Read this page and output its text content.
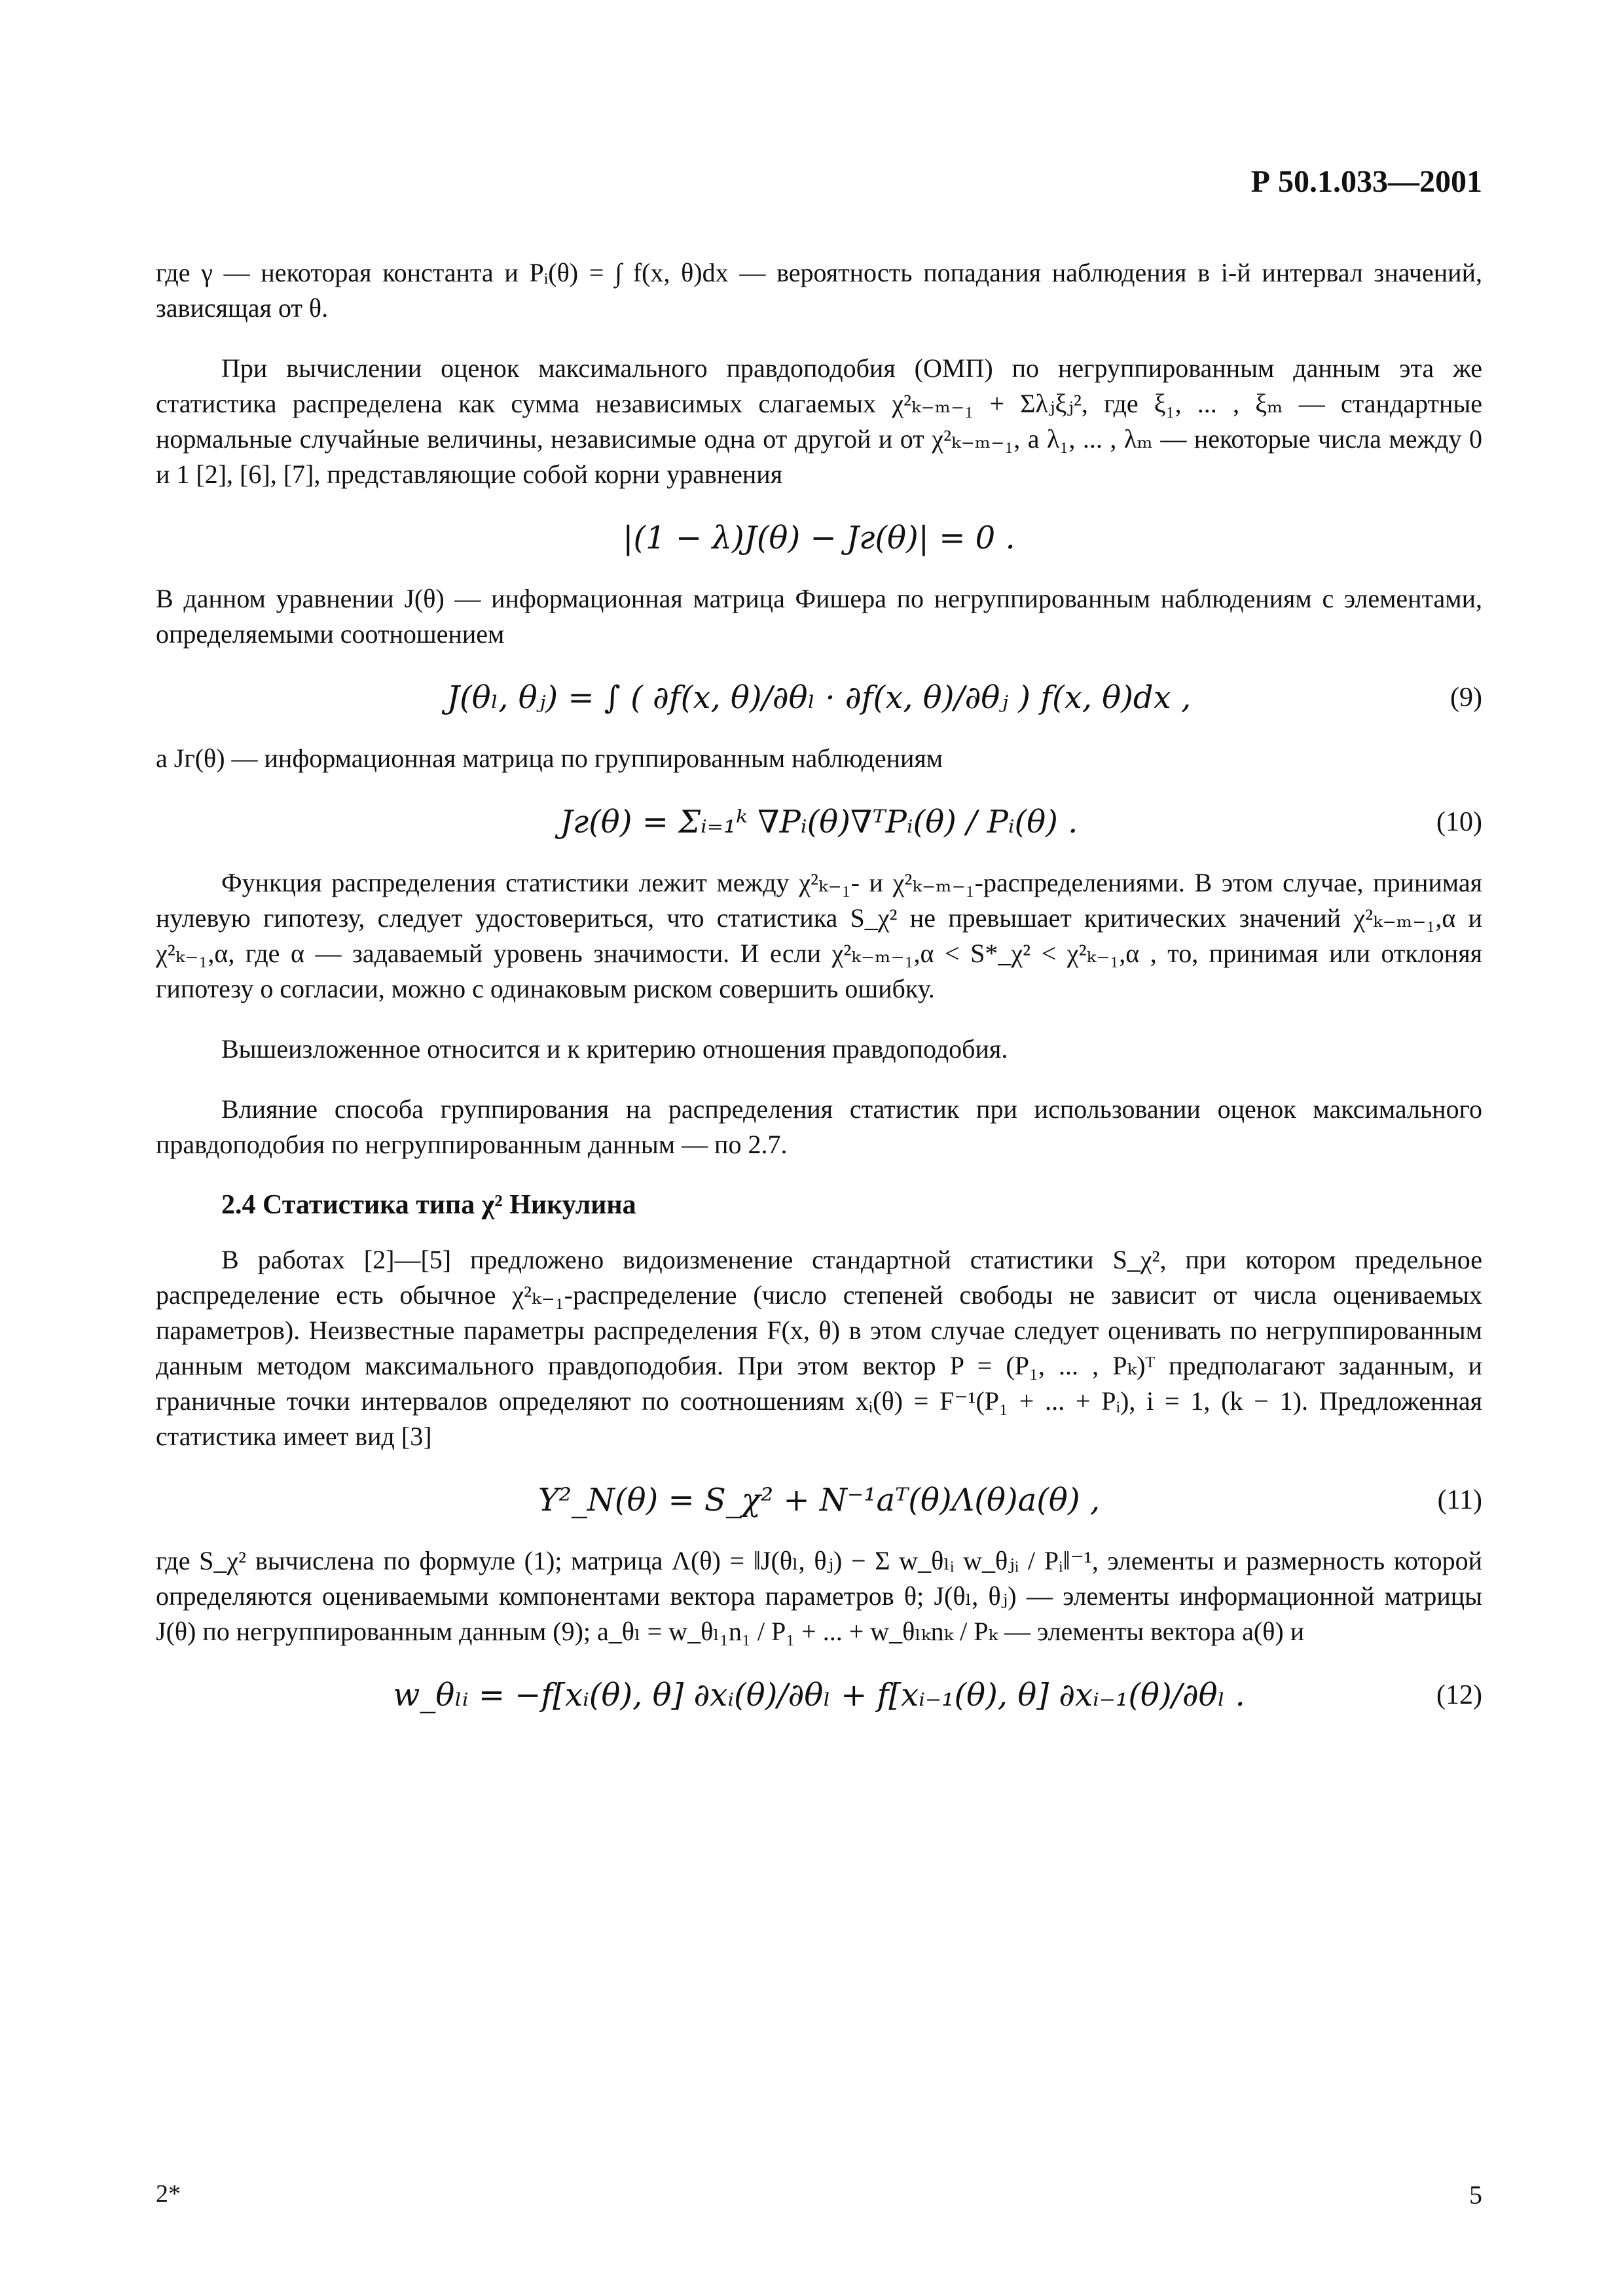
Р 50.1.033—2001

где γ — некоторая константа и Pᵢ(θ) = ∫ f(x, θ)dx — вероятность попадания наблюдения в i-й интервал значений, зависящая от θ.

При вычислении оценок максимального правдоподобия (ОМП) по негруппированным данным эта же статистика распределена как сумма независимых слагаемых χ²ₖ₋ₘ₋₁ + Σλⱼξⱼ², где ξ₁, ... , ξₘ — стандартные нормальные случайные величины, независимые одна от другой и от χ²ₖ₋ₘ₋₁, а λ₁, ... , λₘ — некоторые числа между 0 и 1 [2], [6], [7], представляющие собой корни уравнения

|(1 − λ)J(θ) − Jг(θ)| = 0 .

В данном уравнении J(θ) — информационная матрица Фишера по негруппированным наблюдениям с элементами, определяемыми соотношением

J(θₗ, θⱼ) = ∫ ( ∂f(x, θ)/∂θₗ · ∂f(x, θ)/∂θⱼ ) f(x, θ)dx ,	(9)

а Jг(θ) — информационная матрица по группированным наблюдениям

Jг(θ) = Σᵢ₌₁ᵏ ∇Pᵢ(θ)∇ᵀPᵢ(θ) / Pᵢ(θ) .	(10)

Функция распределения статистики лежит между χ²ₖ₋₁- и χ²ₖ₋ₘ₋₁-распределениями. В этом случае, принимая нулевую гипотезу, следует удостовериться, что статистика S_χ² не превышает критических значений χ²ₖ₋ₘ₋₁,α и χ²ₖ₋₁,α, где α — задаваемый уровень значимости. И если χ²ₖ₋ₘ₋₁,α < S*_χ² < χ²ₖ₋₁,α , то, принимая или отклоняя гипотезу о согласии, можно с одинаковым риском совершить ошибку.

Вышеизложенное относится и к критерию отношения правдоподобия.

Влияние способа группирования на распределения статистик при использовании оценок максимального правдоподобия по негруппированным данным — по 2.7.

2.4 Статистика типа χ² Никулина

В работах [2]—[5] предложено видоизменение стандартной статистики S_χ², при котором предельное распределение есть обычное χ²ₖ₋₁-распределение (число степеней свободы не зависит от числа оцениваемых параметров). Неизвестные параметры распределения F(x, θ) в этом случае следует оценивать по негруппированным данным методом максимального правдоподобия. При этом вектор P = (P₁, ... , Pₖ)ᵀ предполагают заданным, и граничные точки интервалов определяют по соотношениям xᵢ(θ) = F⁻¹(P₁ + ... + Pᵢ), i = 1, (k − 1). Предложенная статистика имеет вид [3]

Y²_N(θ) = S_χ² + N⁻¹aᵀ(θ)Λ(θ)a(θ) ,	(11)

где S_χ² вычислена по формуле (1); матрица Λ(θ) = ‖J(θₗ, θⱼ) − Σ w_θₗᵢ w_θⱼᵢ / Pᵢ‖⁻¹, элементы и размерность которой определяются оцениваемыми компонентами вектора параметров θ; J(θₗ, θⱼ) — элементы информационной матрицы J(θ) по негруппированным данным (9); a_θₗ = w_θₗ₁n₁ / P₁ + ... + w_θₗₖnₖ / Pₖ — элементы вектора a(θ) и

w_θₗᵢ = −f[xᵢ(θ), θ] ∂xᵢ(θ)/∂θₗ + f[xᵢ₋₁(θ), θ] ∂xᵢ₋₁(θ)/∂θₗ .	(12)
2*	5
